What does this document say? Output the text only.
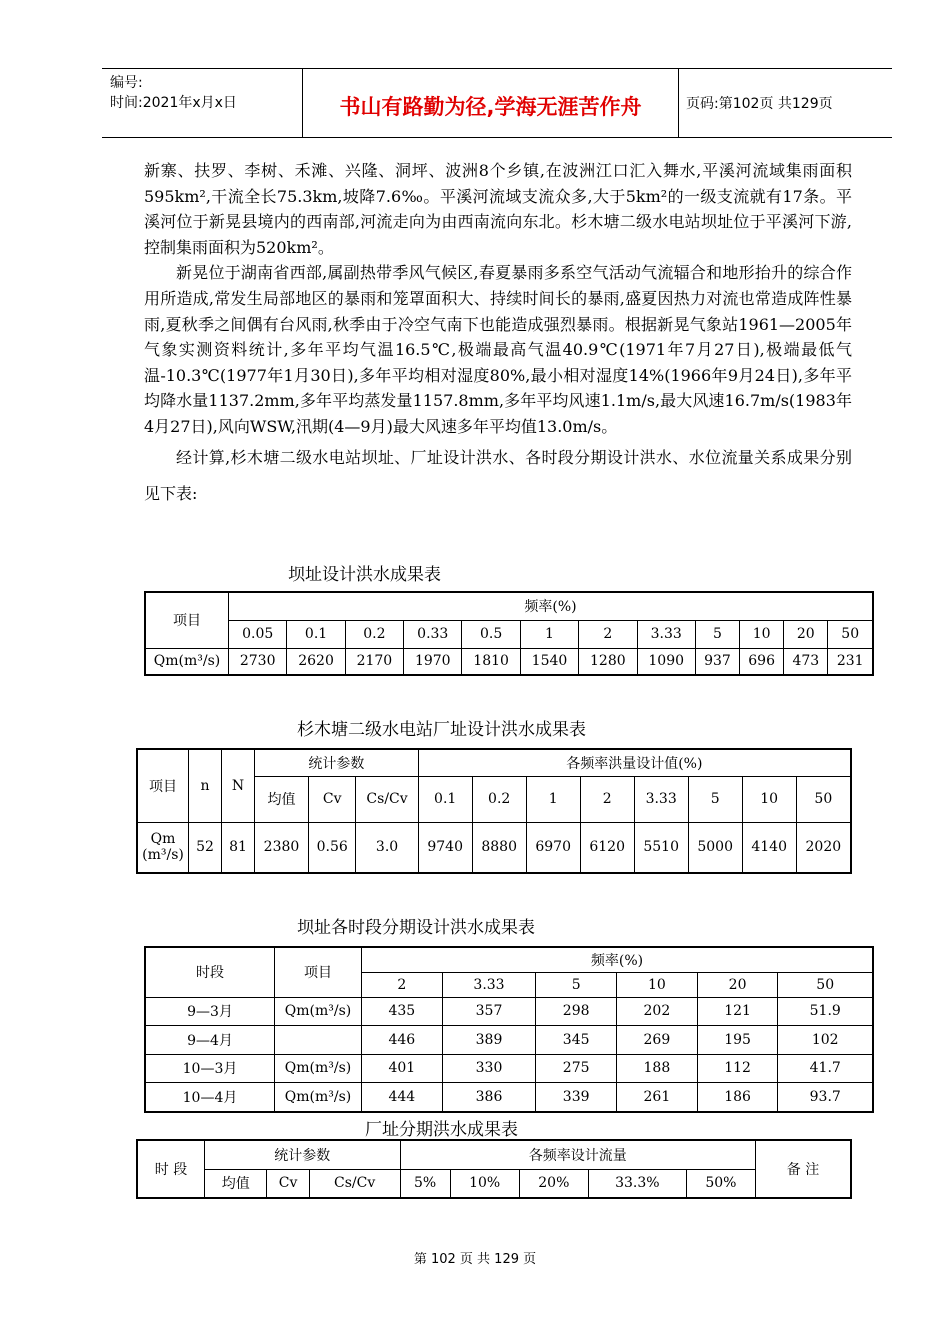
编号:
时间:2021年x月x日	书山有路勤为径,学海无涯苦作舟	页码:第102页 共129页

新寨、扶罗、李树、禾滩、兴隆、洞坪、波洲8个乡镇,在波洲江口汇入舞水,平溪河流域集雨面积595km²,干流全长75.3km,坡降7.6‰。平溪河流域支流众多,大于5km²的一级支流就有17条。平溪河位于新晃县境内的西南部,河流走向为由西南流向东北。杉木塘二级水电站坝址位于平溪河下游,控制集雨面积为520km²。

新晃位于湖南省西部,属副热带季风气候区,春夏暴雨多系空气活动气流辐合和地形抬升的综合作用所造成,常发生局部地区的暴雨和笼罩面积大、持续时间长的暴雨,盛夏因热力对流也常造成阵性暴雨,夏秋季之间偶有台风雨,秋季由于冷空气南下也能造成强烈暴雨。根据新晃气象站1961—2005年气象实测资料统计,多年平均气温16.5℃,极端最高气温40.9℃(1971年7月27日),极端最低气温-10.3℃(1977年1月30日),多年平均相对湿度80%,最小相对湿度14%(1966年9月24日),多年平均降水量1137.2mm,多年平均蒸发量1157.8mm,多年平均风速1.1m/s,最大风速16.7m/s(1983年4月27日),风向WSW,汛期(4—9月)最大风速多年平均值13.0m/s。

经计算,杉木塘二级水电站坝址、厂址设计洪水、各时段分期设计洪水、水位流量关系成果分别见下表:

坝址设计洪水成果表
项目	频率(%)											
	0.05	0.1	0.2	0.33	0.5	1	2	3.33	5	10	20	50
Qm(m³/s)	2730	2620	2170	1970	1810	1540	1280	1090	937	696	473	231
杉木塘二级水电站厂址设计洪水成果表
项目	n	N	统计参数			各频率洪量设计值(%)							
			均值	Cv	Cs/Cv	0.1	0.2	1	2	3.33	5	10	50

Qm
(m³/s)	52	81	2380	0.56	3.0	9740	8880	6970	6120	5510	5000	4140	2020
坝址各时段分期设计洪水成果表
时段	项目	频率(%)					
		2	3.33	5	10	20	50
9—3月	Qm(m³/s)	435	357	298	202	121	51.9
9—4月		446	389	345	269	195	102
10—3月	Qm(m³/s)	401	330	275	188	112	41.7
10—4月	Qm(m³/s)	444	386	339	261	186	93.7
厂址分期洪水成果表
时 段	统计参数			各频率设计流量					备 注
	均值	Cv	Cs/Cv	5%	10%	20%	33.3%	50%	
第 102 页 共 129 页
